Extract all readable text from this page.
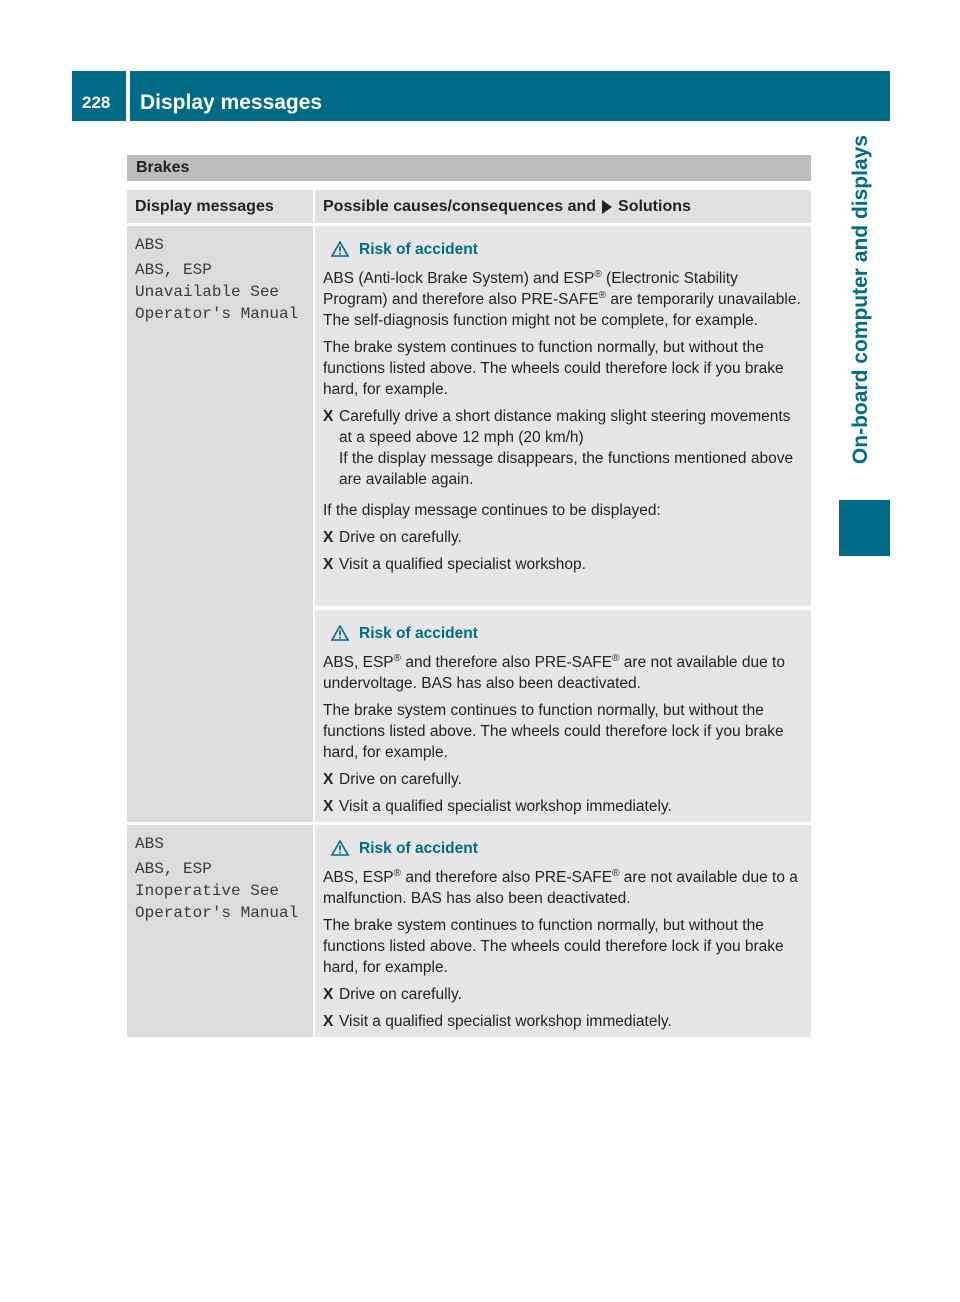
228	Display messages
On-board computer and displays
Brakes
Display messages	Possible causes/consequences and Solutions
ABS
ABS, ESP
Unavailable See
Operator's Manual
Risk of accident
ABS (Anti-lock Brake System) and ESP® (Electronic Stability Program) and therefore also PRE-SAFE® are temporarily unavailable. The self-diagnosis function might not be complete, for example.
The brake system continues to function normally, but without the functions listed above. The wheels could therefore lock if you brake hard, for example.
X Carefully drive a short distance making slight steering movements at a speed above 12 mph (20 km/h)
If the display message disappears, the functions mentioned above are available again.
If the display message continues to be displayed:
X Drive on carefully.
X Visit a qualified specialist workshop.
Risk of accident
ABS, ESP® and therefore also PRE-SAFE® are not available due to undervoltage. BAS has also been deactivated.
The brake system continues to function normally, but without the functions listed above. The wheels could therefore lock if you brake hard, for example.
X Drive on carefully.
X Visit a qualified specialist workshop immediately.
ABS
ABS, ESP
Inoperative See
Operator's Manual
Risk of accident
ABS, ESP® and therefore also PRE-SAFE® are not available due to a malfunction. BAS has also been deactivated.
The brake system continues to function normally, but without the functions listed above. The wheels could therefore lock if you brake hard, for example.
X Drive on carefully.
X Visit a qualified specialist workshop immediately.
